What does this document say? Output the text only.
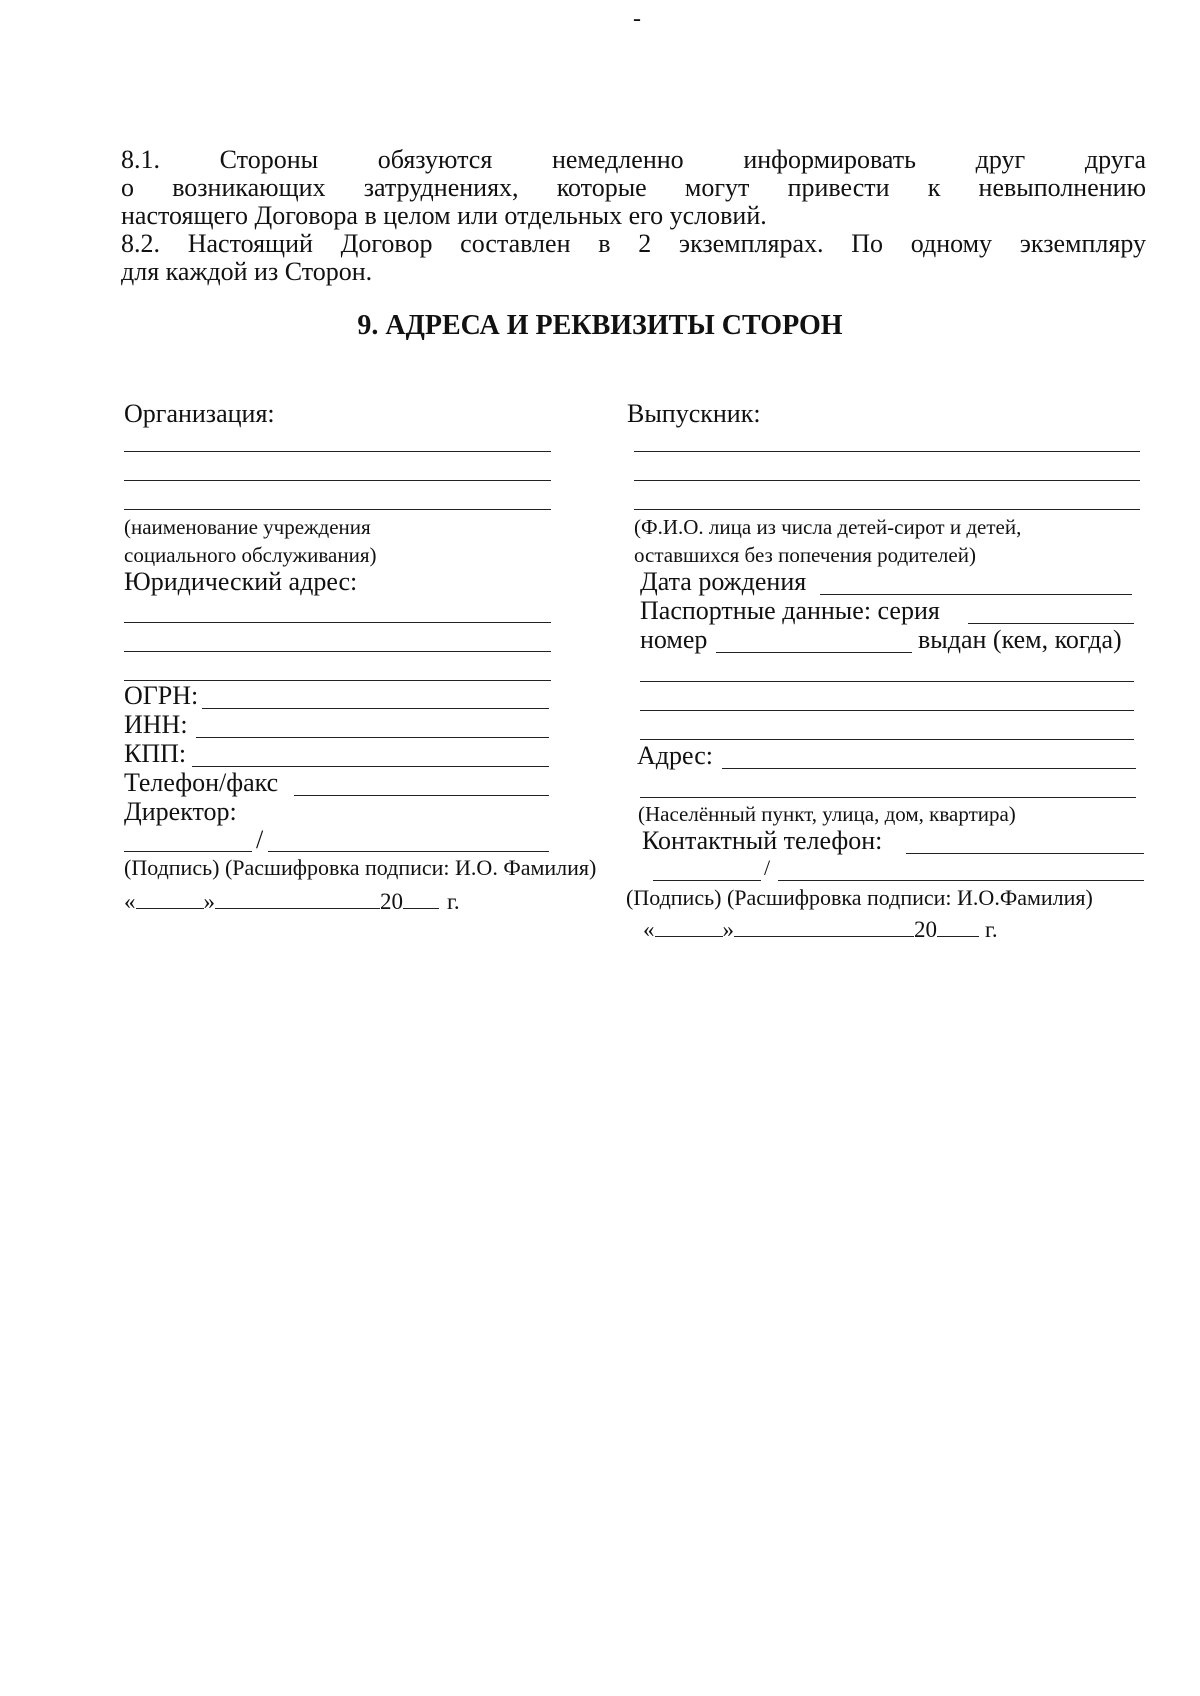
-

8.1. Стороны обязуются немедленно информировать друг друга

о возникающих затруднениях, которые могут привести к невыполнению

настоящего Договора в целом или отдельных его условий.

8.2. Настоящий Договор составлен в 2 экземплярах. По одному экземпляру

для каждой из Сторон.

9. АДРЕСА И РЕКВИЗИТЫ СТОРОН
Организация:
(наименование учреждения
социального обслуживания)
Юридический адрес:
ОГРН:
ИНН:
КПП:
Телефон/факс
Директор:
/
(Подпись) (Расшифровка подписи: И.О. Фамилия)
«	»	20 г.
Выпускник:
(Ф.И.О. лица из числа детей-сирот и детей,
оставшихся без попечения родителей)
Дата рождения
Паспортные данные: серия
номер	выдан (кем, когда)
Адрес:
(Населённый пункт, улица, дом, квартира)
Контактный телефон:
/
(Подпись) (Расшифровка подписи: И.О.Фамилия)
«	»	20 г.
